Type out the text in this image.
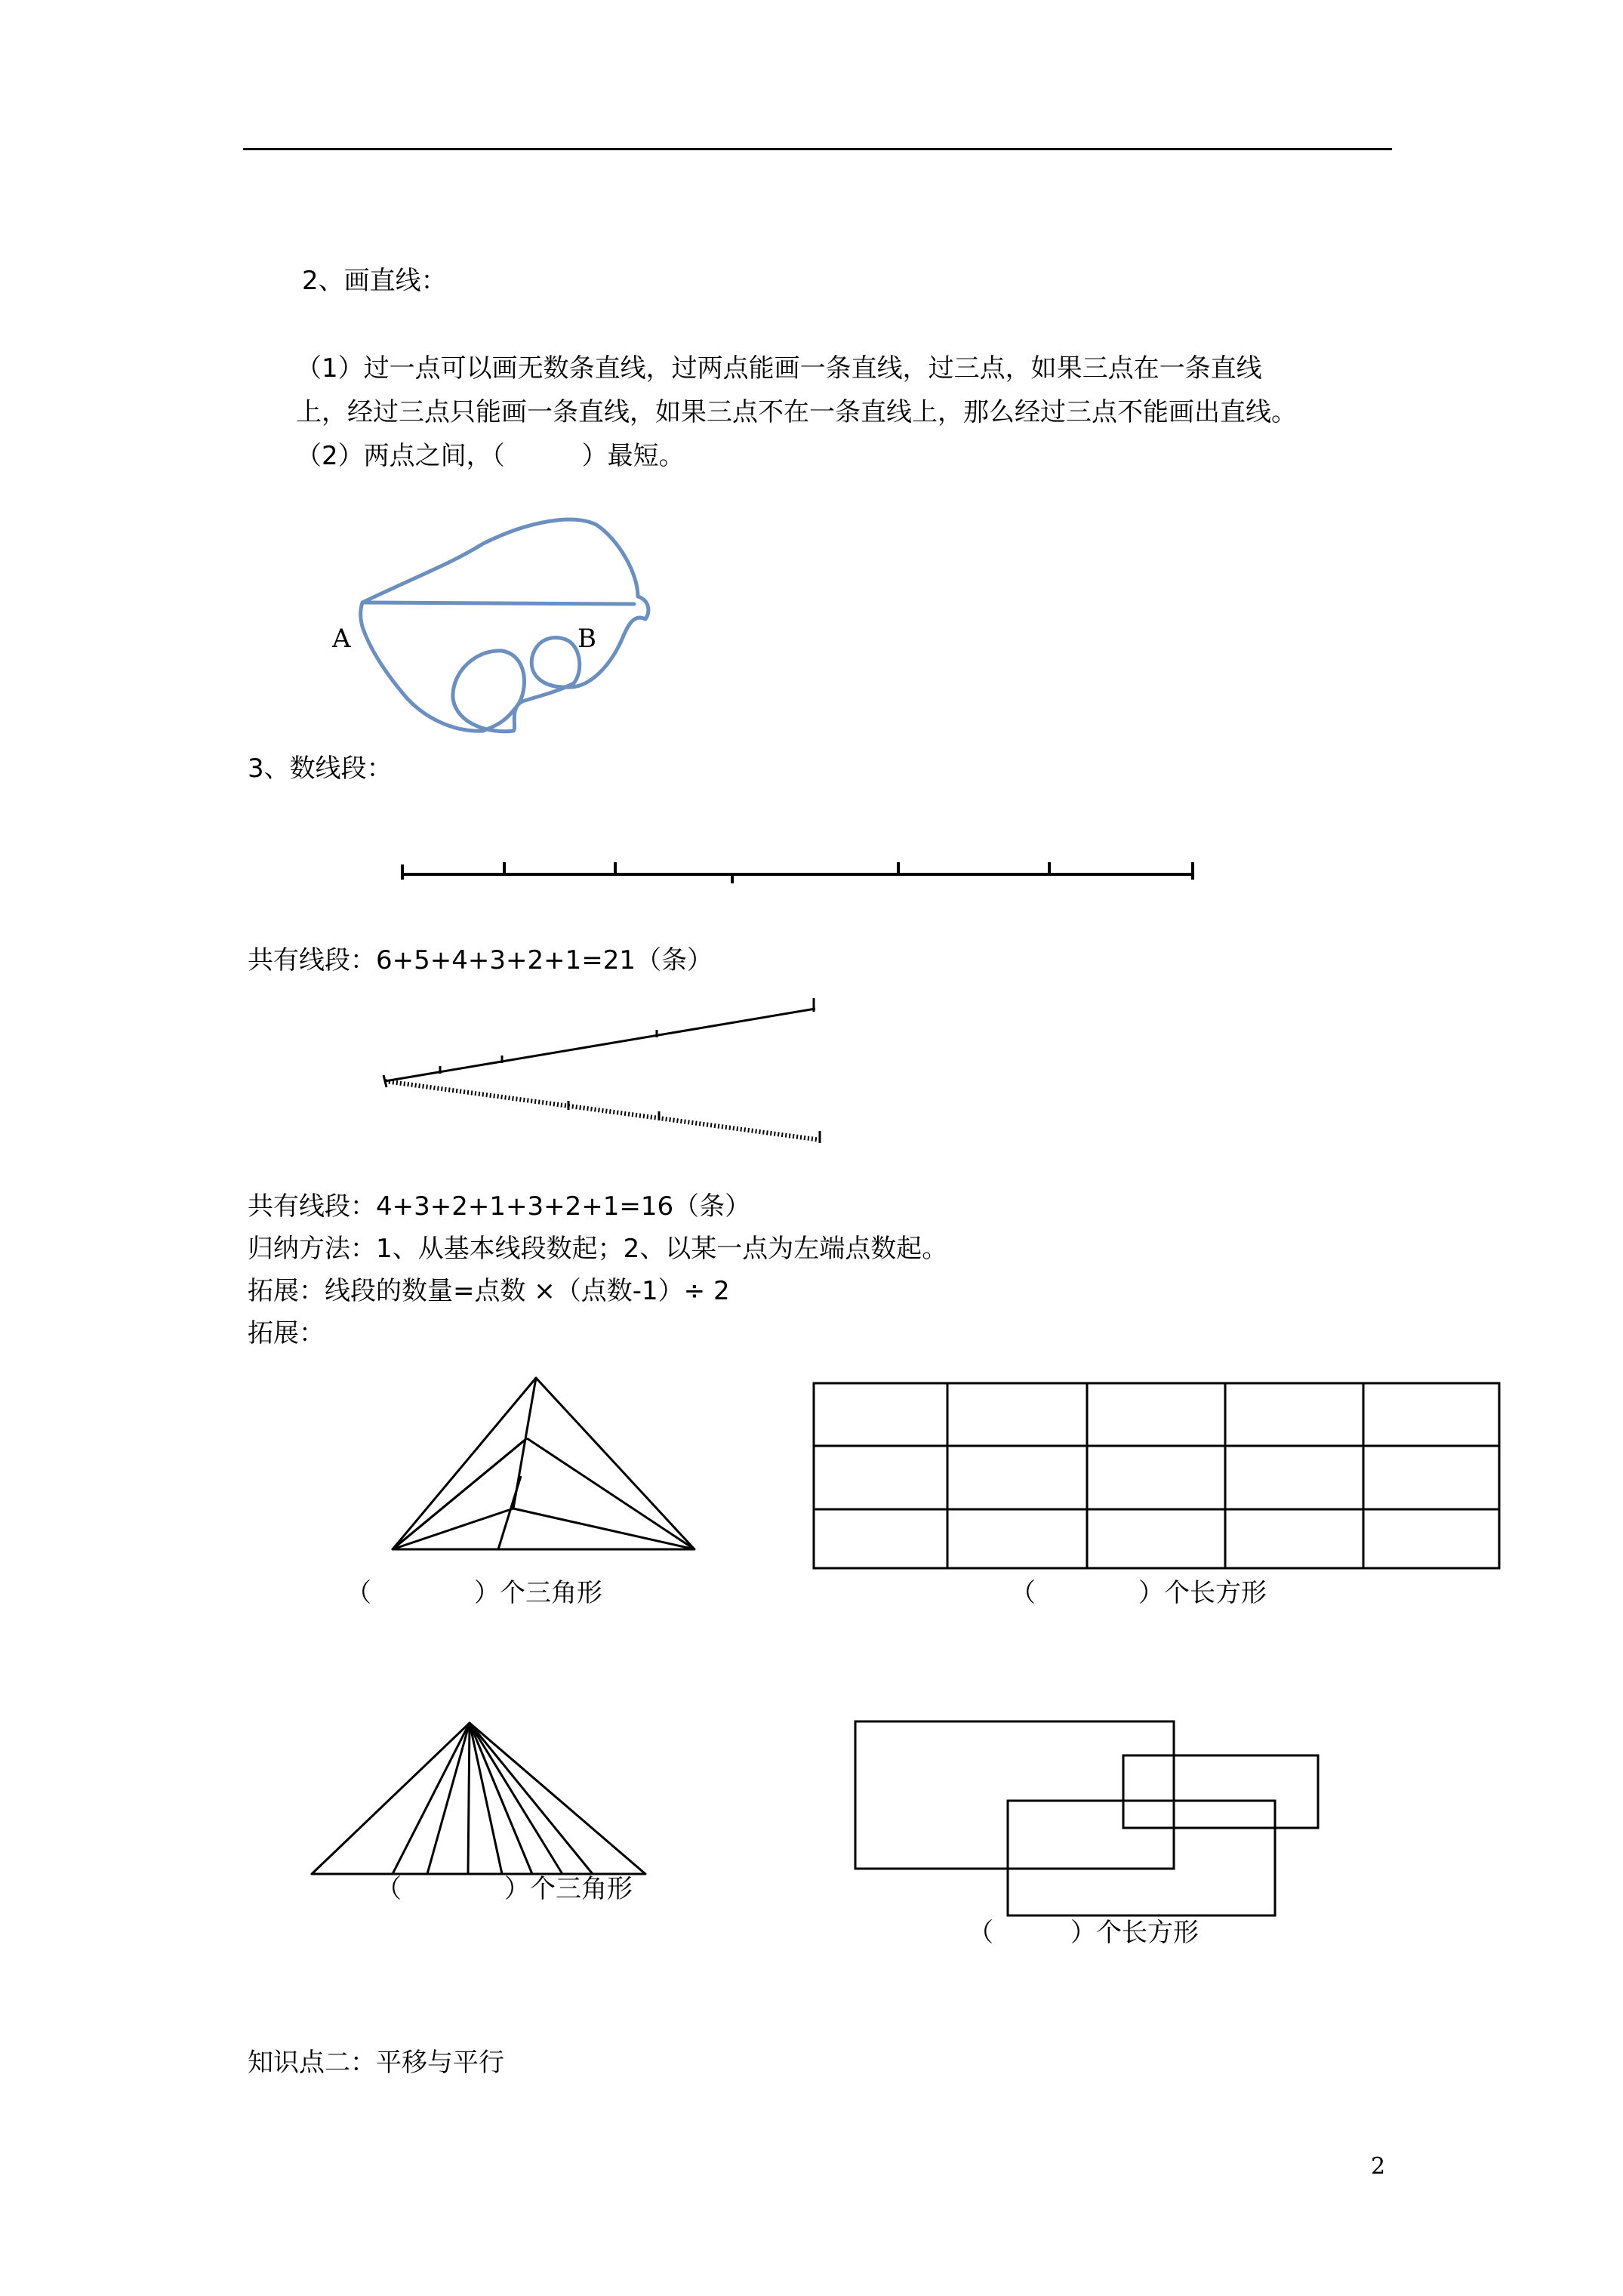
2、画直线：
（1）过一点可以画无数条直线，过两点能画一条直线，过三点，如果三点在一条直线
上，经过三点只能画一条直线，如果三点不在一条直线上，那么经过三点不能画出直线。
（2）两点之间，（　　　）最短。
A	B
3、数线段：
共有线段：6+5+4+3+2+1=21（条）
共有线段：4+3+2+1+3+2+1=16（条）
归纳方法：1、从基本线段数起；2、以某一点为左端点数起。
拓展：线段的数量=点数 ×（点数-1）÷ 2
拓展：
（　　　　）个三角形	（　　　　）个长方形
（　　　　）个三角形
（　　　）个长方形
知识点二：平移与平行
2
